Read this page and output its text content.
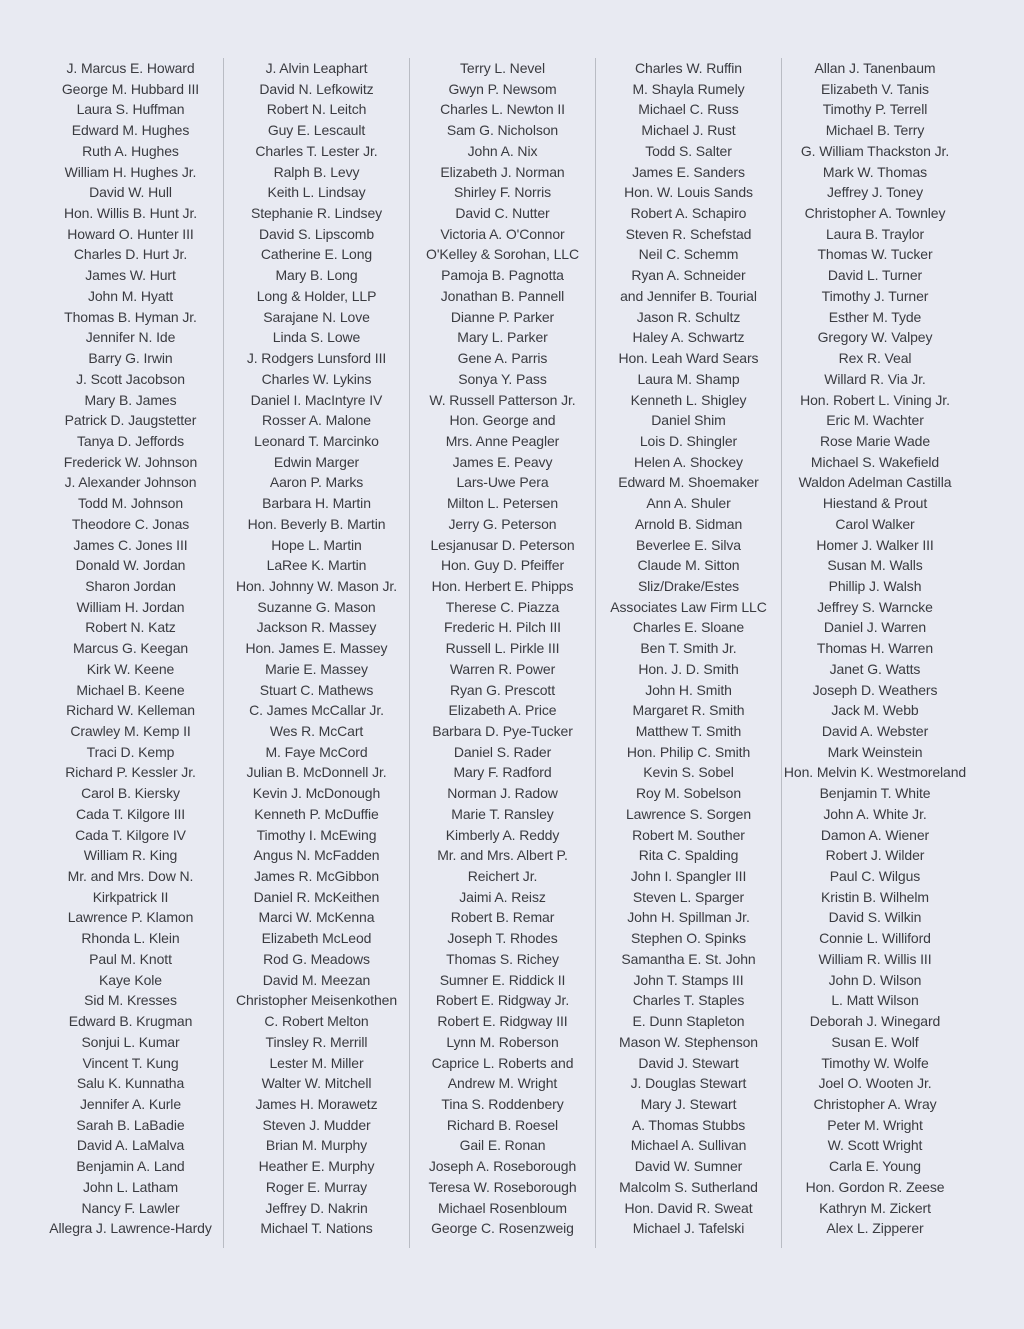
J. Marcus E. Howard
George M. Hubbard III
Laura S. Huffman
Edward M. Hughes
Ruth A. Hughes
William H. Hughes Jr.
David W. Hull
Hon. Willis B. Hunt Jr.
Howard O. Hunter III
Charles D. Hurt Jr.
James W. Hurt
John M. Hyatt
Thomas B. Hyman Jr.
Jennifer N. Ide
Barry G. Irwin
J. Scott Jacobson
Mary B. James
Patrick D. Jaugstetter
Tanya D. Jeffords
Frederick W. Johnson
J. Alexander Johnson
Todd M. Johnson
Theodore C. Jonas
James C. Jones III
Donald W. Jordan
Sharon Jordan
William H. Jordan
Robert N. Katz
Marcus G. Keegan
Kirk W. Keene
Michael B. Keene
Richard W. Kelleman
Crawley M. Kemp II
Traci D. Kemp
Richard P. Kessler Jr.
Carol B. Kiersky
Cada T. Kilgore III
Cada T. Kilgore IV
William R. King
Mr. and Mrs. Dow N.
Kirkpatrick II
Lawrence P. Klamon
Rhonda L. Klein
Paul M. Knott
Kaye Kole
Sid M. Kresses
Edward B. Krugman
Sonjui L. Kumar
Vincent T. Kung
Salu K. Kunnatha
Jennifer A. Kurle
Sarah B. LaBadie
David A. LaMalva
Benjamin A. Land
John L. Latham
Nancy F. Lawler
Allegra J. Lawrence-Hardy
J. Alvin Leaphart
David N. Lefkowitz
Robert N. Leitch
Guy E. Lescault
Charles T. Lester Jr.
Ralph B. Levy
Keith L. Lindsay
Stephanie R. Lindsey
David S. Lipscomb
Catherine E. Long
Mary B. Long
Long & Holder, LLP
Sarajane N. Love
Linda S. Lowe
J. Rodgers Lunsford III
Charles W. Lykins
Daniel I. MacIntyre IV
Rosser A. Malone
Leonard T. Marcinko
Edwin Marger
Aaron P. Marks
Barbara H. Martin
Hon. Beverly B. Martin
Hope L. Martin
LaRee K. Martin
Hon. Johnny W. Mason Jr.
Suzanne G. Mason
Jackson R. Massey
Hon. James E. Massey
Marie E. Massey
Stuart C. Mathews
C. James McCallar Jr.
Wes R. McCart
M. Faye McCord
Julian B. McDonnell Jr.
Kevin J. McDonough
Kenneth P. McDuffie
Timothy I. McEwing
Angus N. McFadden
James R. McGibbon
Daniel R. McKeithen
Marci W. McKenna
Elizabeth McLeod
Rod G. Meadows
David M. Meezan
Christopher Meisenkothen
C. Robert Melton
Tinsley R. Merrill
Lester M. Miller
Walter W. Mitchell
James H. Morawetz
Steven J. Mudder
Brian M. Murphy
Heather E. Murphy
Roger E. Murray
Jeffrey D. Nakrin
Michael T. Nations
Terry L. Nevel
Gwyn P. Newsom
Charles L. Newton II
Sam G. Nicholson
John A. Nix
Elizabeth J. Norman
Shirley F. Norris
David C. Nutter
Victoria A. O'Connor
O'Kelley & Sorohan, LLC
Pamoja B. Pagnotta
Jonathan B. Pannell
Dianne P. Parker
Mary L. Parker
Gene A. Parris
Sonya Y. Pass
W. Russell Patterson Jr.
Hon. George and
Mrs. Anne Peagler
James E. Peavy
Lars-Uwe Pera
Milton L. Petersen
Jerry G. Peterson
Lesjanusar D. Peterson
Hon. Guy D. Pfeiffer
Hon. Herbert E. Phipps
Therese C. Piazza
Frederic H. Pilch III
Russell L. Pirkle III
Warren R. Power
Ryan G. Prescott
Elizabeth A. Price
Barbara D. Pye-Tucker
Daniel S. Rader
Mary F. Radford
Norman J. Radow
Marie T. Ransley
Kimberly A. Reddy
Mr. and Mrs. Albert P.
Reichert Jr.
Jaimi A. Reisz
Robert B. Remar
Joseph T. Rhodes
Thomas S. Richey
Sumner E. Riddick II
Robert E. Ridgway Jr.
Robert E. Ridgway III
Lynn M. Roberson
Caprice L. Roberts and
Andrew M. Wright
Tina S. Roddenbery
Richard B. Roesel
Gail E. Ronan
Joseph A. Roseborough
Teresa W. Roseborough
Michael Rosenbloum
George C. Rosenzweig
Charles W. Ruffin
M. Shayla Rumely
Michael C. Russ
Michael J. Rust
Todd S. Salter
James E. Sanders
Hon. W. Louis Sands
Robert A. Schapiro
Steven R. Schefstad
Neil C. Schemm
Ryan A. Schneider
and Jennifer B. Tourial
Jason R. Schultz
Haley A. Schwartz
Hon. Leah Ward Sears
Laura M. Shamp
Kenneth L. Shigley
Daniel Shim
Lois D. Shingler
Helen A. Shockey
Edward M. Shoemaker
Ann A. Shuler
Arnold B. Sidman
Beverlee E. Silva
Claude M. Sitton
Sliz/Drake/Estes
Associates Law Firm LLC
Charles E. Sloane
Ben T. Smith Jr.
Hon. J. D. Smith
John H. Smith
Margaret R. Smith
Matthew T. Smith
Hon. Philip C. Smith
Kevin S. Sobel
Roy M. Sobelson
Lawrence S. Sorgen
Robert M. Souther
Rita C. Spalding
John I. Spangler III
Steven L. Sparger
John H. Spillman Jr.
Stephen O. Spinks
Samantha E. St. John
John T. Stamps III
Charles T. Staples
E. Dunn Stapleton
Mason W. Stephenson
David J. Stewart
J. Douglas Stewart
Mary J. Stewart
A. Thomas Stubbs
Michael A. Sullivan
David W. Sumner
Malcolm S. Sutherland
Hon. David R. Sweat
Michael J. Tafelski
Allan J. Tanenbaum
Elizabeth V. Tanis
Timothy P. Terrell
Michael B. Terry
G. William Thackston Jr.
Mark W. Thomas
Jeffrey J. Toney
Christopher A. Townley
Laura B. Traylor
Thomas W. Tucker
David L. Turner
Timothy J. Turner
Esther M. Tyde
Gregory W. Valpey
Rex R. Veal
Willard R. Via Jr.
Hon. Robert L. Vining Jr.
Eric M. Wachter
Rose Marie Wade
Michael S. Wakefield
Waldon Adelman Castilla
Hiestand & Prout
Carol Walker
Homer J. Walker III
Susan M. Walls
Phillip J. Walsh
Jeffrey S. Warncke
Daniel J. Warren
Thomas H. Warren
Janet G. Watts
Joseph D. Weathers
Jack M. Webb
David A. Webster
Mark Weinstein
Hon. Melvin K. Westmoreland
Benjamin T. White
John A. White Jr.
Damon A. Wiener
Robert J. Wilder
Paul C. Wilgus
Kristin B. Wilhelm
David S. Wilkin
Connie L. Williford
William R. Willis III
John D. Wilson
L. Matt Wilson
Deborah J. Winegard
Susan E. Wolf
Timothy W. Wolfe
Joel O. Wooten Jr.
Christopher A. Wray
Peter M. Wright
W. Scott Wright
Carla E. Young
Hon. Gordon R. Zeese
Kathryn M. Zickert
Alex L. Zipperer
